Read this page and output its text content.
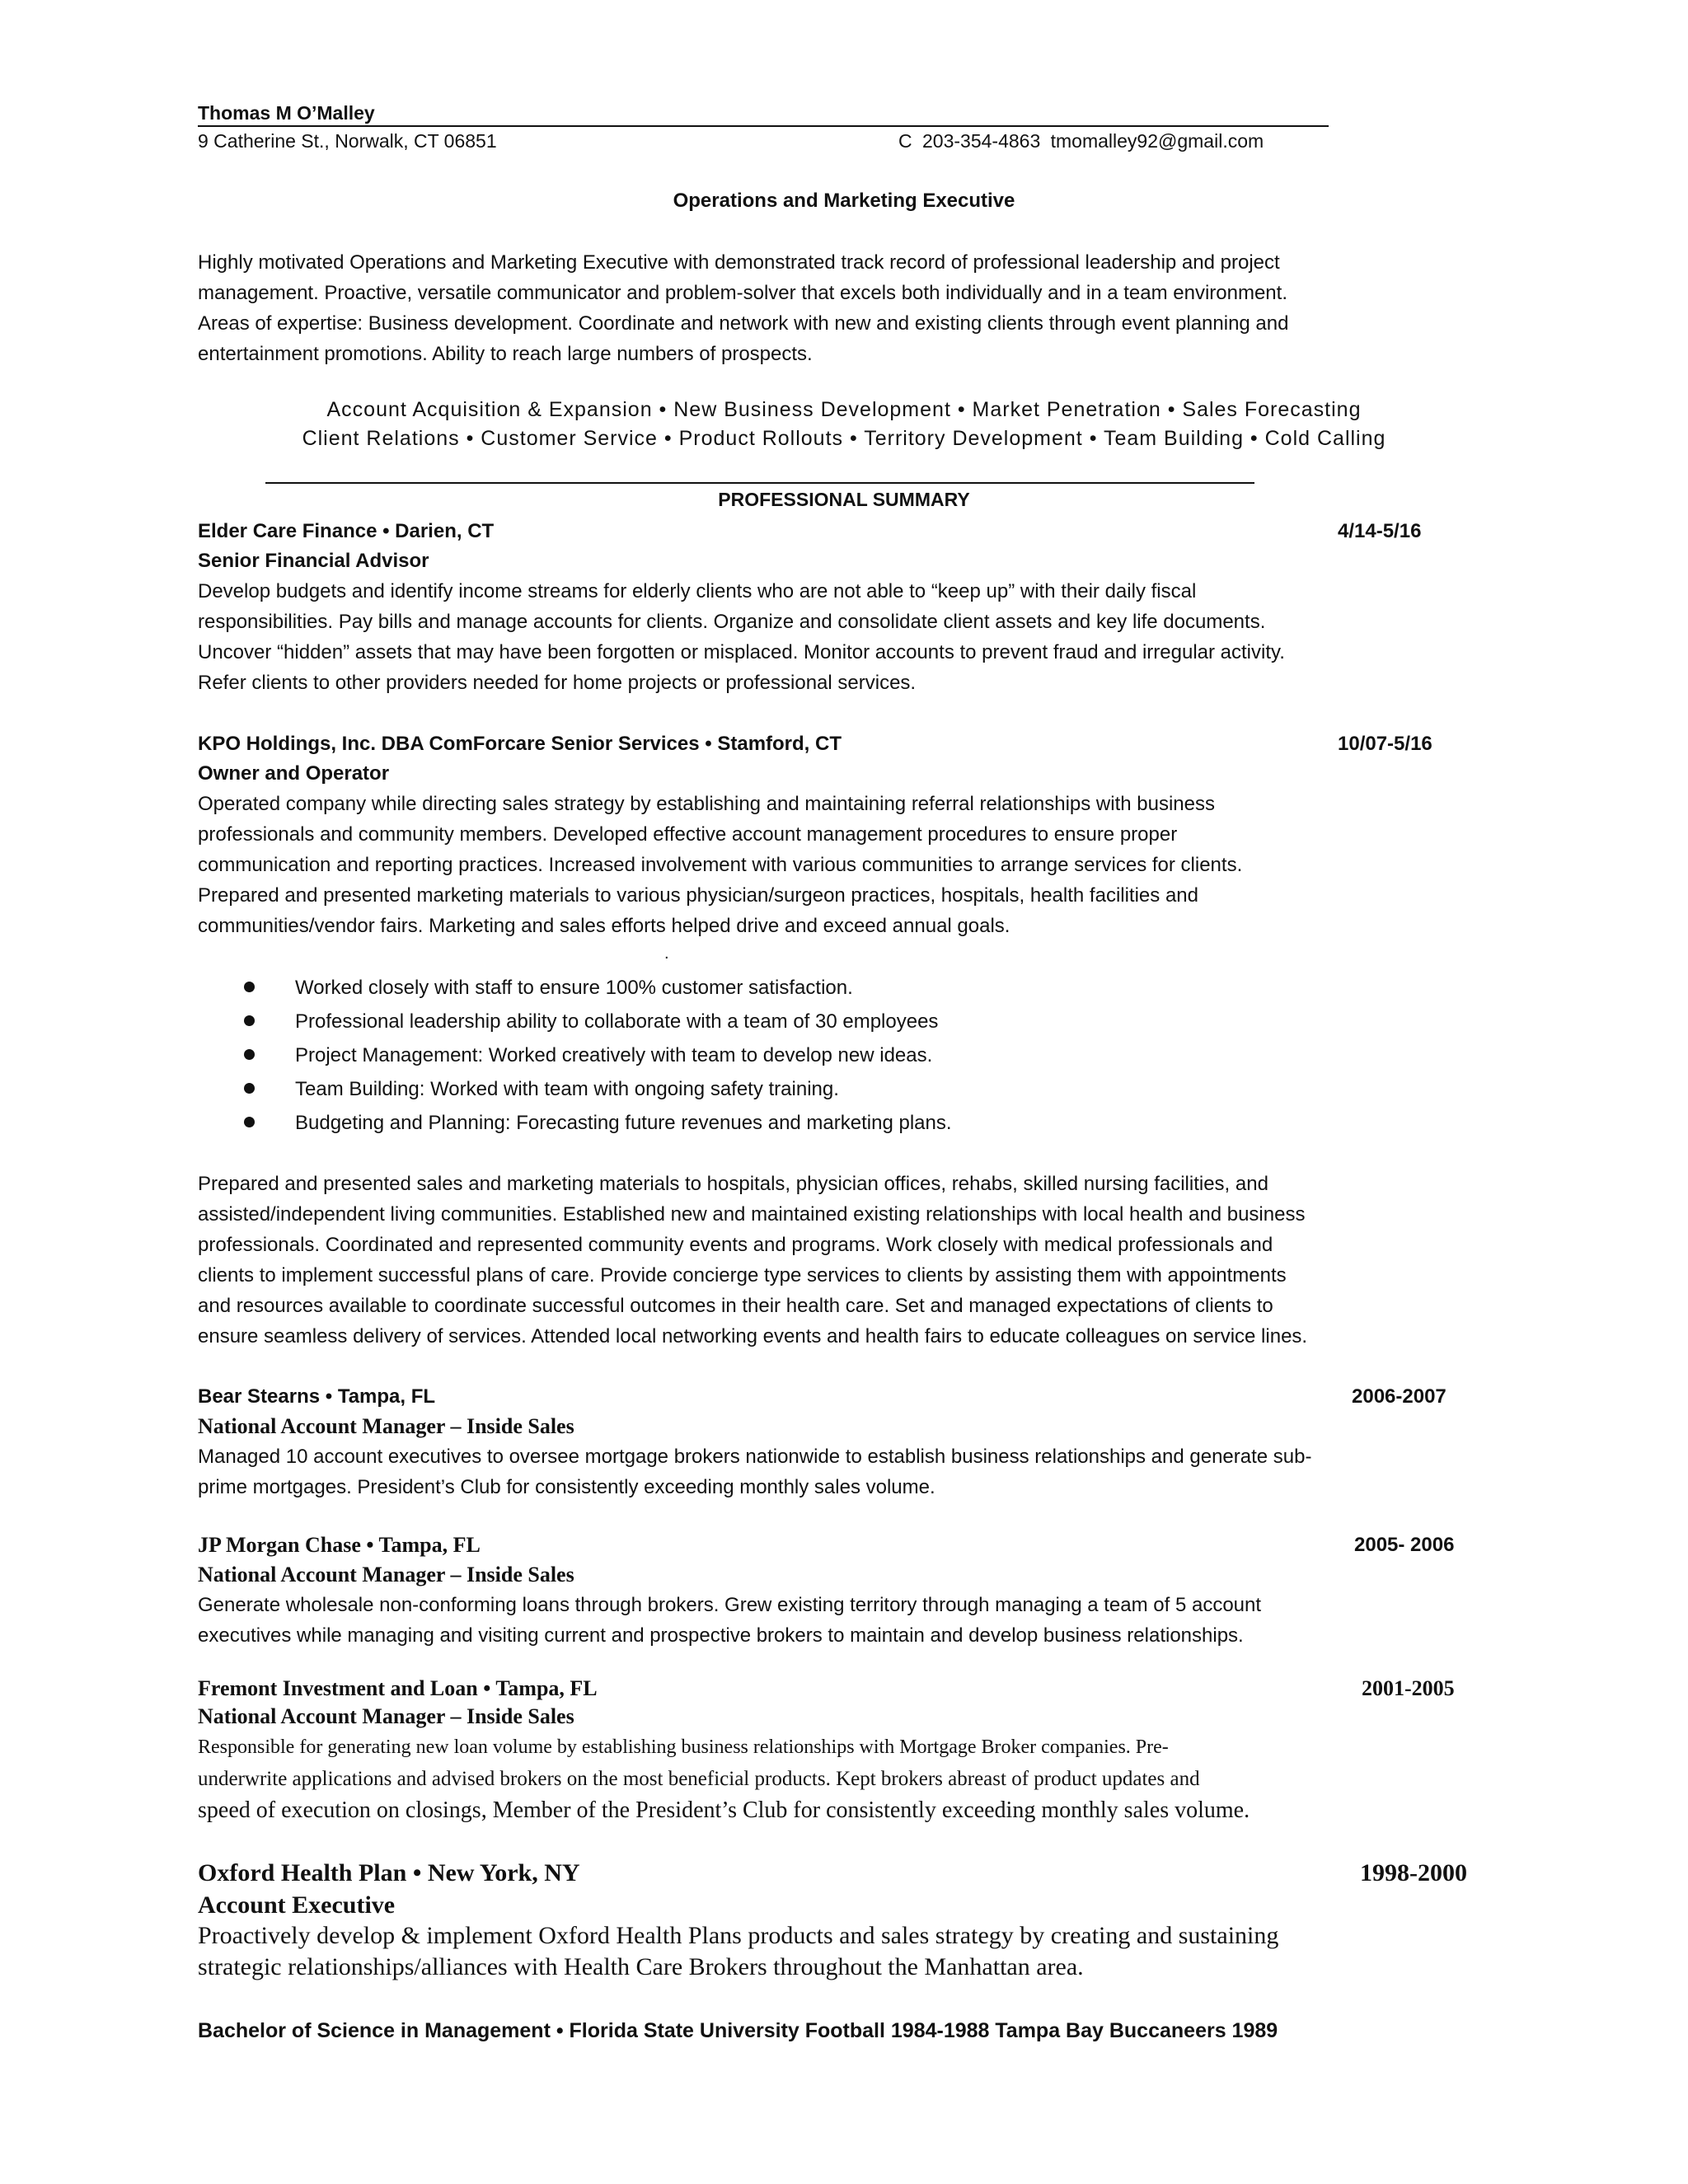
Thomas M O’Malley
9 Catherine St., Norwalk, CT 06851	C 203-354-4863 tmomalley92@gmail.com
Operations and Marketing Executive

Highly motivated Operations and Marketing Executive with demonstrated track record of professional leadership and project

management. Proactive, versatile communicator and problem-solver that excels both individually and in a team environment.

Areas of expertise: Business development. Coordinate and network with new and existing clients through event planning and

entertainment promotions. Ability to reach large numbers of prospects.

Account Acquisition & Expansion • New Business Development • Market Penetration • Sales Forecasting
Client Relations • Customer Service • Product Rollouts • Territory Development • Team Building • Cold Calling
PROFESSIONAL SUMMARY
Elder Care Finance • Darien, CT	4/14-5/16
Senior Financial Advisor

Develop budgets and identify income streams for elderly clients who are not able to “keep up” with their daily fiscal

responsibilities. Pay bills and manage accounts for clients. Organize and consolidate client assets and key life documents.

Uncover “hidden” assets that may have been forgotten or misplaced. Monitor accounts to prevent fraud and irregular activity.

Refer clients to other providers needed for home projects or professional services.

KPO Holdings, Inc. DBA ComForcare Senior Services • Stamford, CT	10/07-5/16
Owner and Operator

Operated company while directing sales strategy by establishing and maintaining referral relationships with business

professionals and community members. Developed effective account management procedures to ensure proper

communication and reporting practices. Increased involvement with various communities to arrange services for clients.

Prepared and presented marketing materials to various physician/surgeon practices, hospitals, health facilities and

communities/vendor fairs. Marketing and sales efforts helped drive and exceed annual goals.

.
Worked closely with staff to ensure 100% customer satisfaction.
Professional leadership ability to collaborate with a team of 30 employees
Project Management: Worked creatively with team to develop new ideas.
Team Building: Worked with team with ongoing safety training.
Budgeting and Planning: Forecasting future revenues and marketing plans.

Prepared and presented sales and marketing materials to hospitals, physician offices, rehabs, skilled nursing facilities, and

assisted/independent living communities. Established new and maintained existing relationships with local health and business

professionals. Coordinated and represented community events and programs. Work closely with medical professionals and

clients to implement successful plans of care. Provide concierge type services to clients by assisting them with appointments

and resources available to coordinate successful outcomes in their health care. Set and managed expectations of clients to

ensure seamless delivery of services. Attended local networking events and health fairs to educate colleagues on service lines.

Bear Stearns • Tampa, FL	2006-2007
National Account Manager – Inside Sales

Managed 10 account executives to oversee mortgage brokers nationwide to establish business relationships and generate sub-

prime mortgages. President’s Club for consistently exceeding monthly sales volume.

JP Morgan Chase • Tampa, FL	2005- 2006
National Account Manager – Inside Sales

Generate wholesale non-conforming loans through brokers. Grew existing territory through managing a team of 5 account

executives while managing and visiting current and prospective brokers to maintain and develop business relationships.

Fremont Investment and Loan • Tampa, FL	2001-2005
National Account Manager – Inside Sales

Responsible for generating new loan volume by establishing business relationships with Mortgage Broker companies. Pre-

underwrite applications and advised brokers on the most beneficial products. Kept brokers abreast of product updates and

speed of execution on closings, Member of the President’s Club for consistently exceeding monthly sales volume.

Oxford Health Plan • New York, NY	1998-2000
Account Executive

Proactively develop & implement Oxford Health Plans products and sales strategy by creating and sustaining

strategic relationships/alliances with Health Care Brokers throughout the Manhattan area.

Bachelor of Science in Management • Florida State University Football 1984-1988 Tampa Bay Buccaneers 1989
